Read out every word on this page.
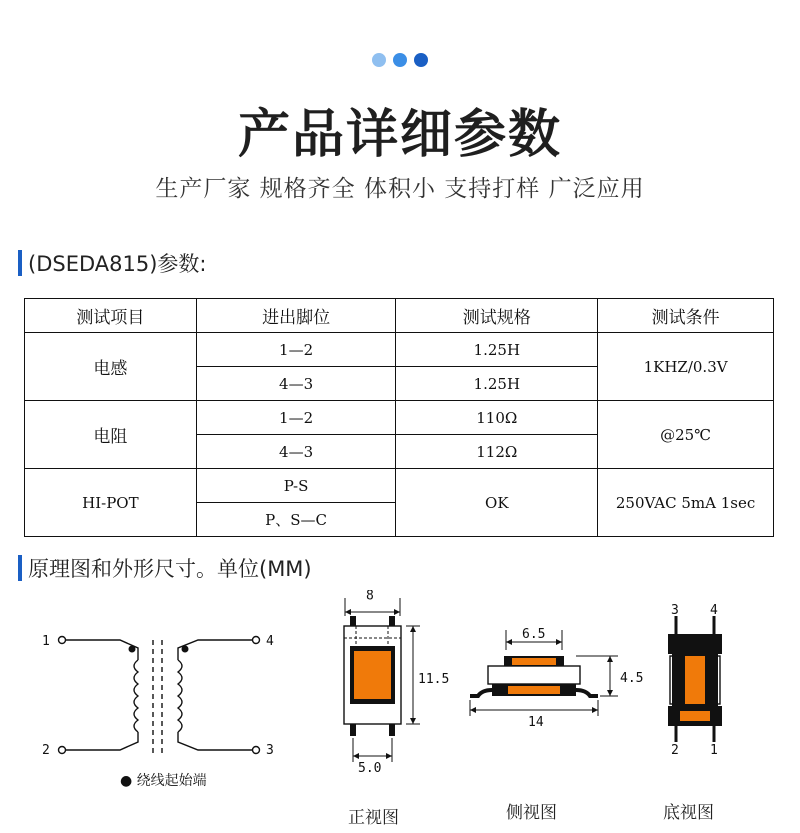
产品详细参数
生产厂家 规格齐全 体积小 支持打样 广泛应用
(DSEDA815)参数:
测试项目	进出脚位	测试规格	测试条件
电感	1—2	1.25H	1KHZ/0.3V
	4—3	1.25H	
电阻	1—2	110Ω	@25℃
	4—3	112Ω	
HI-POT	P-S	OK	250VAC 5mA 1sec
	P、S—C		
原理图和外形尺寸。单位(MM)
1
2
4
3
● 绕线起始端
8
11.5
5.0
正视图
6.5
4.5
14
侧视图
3 4
2 1
底视图
